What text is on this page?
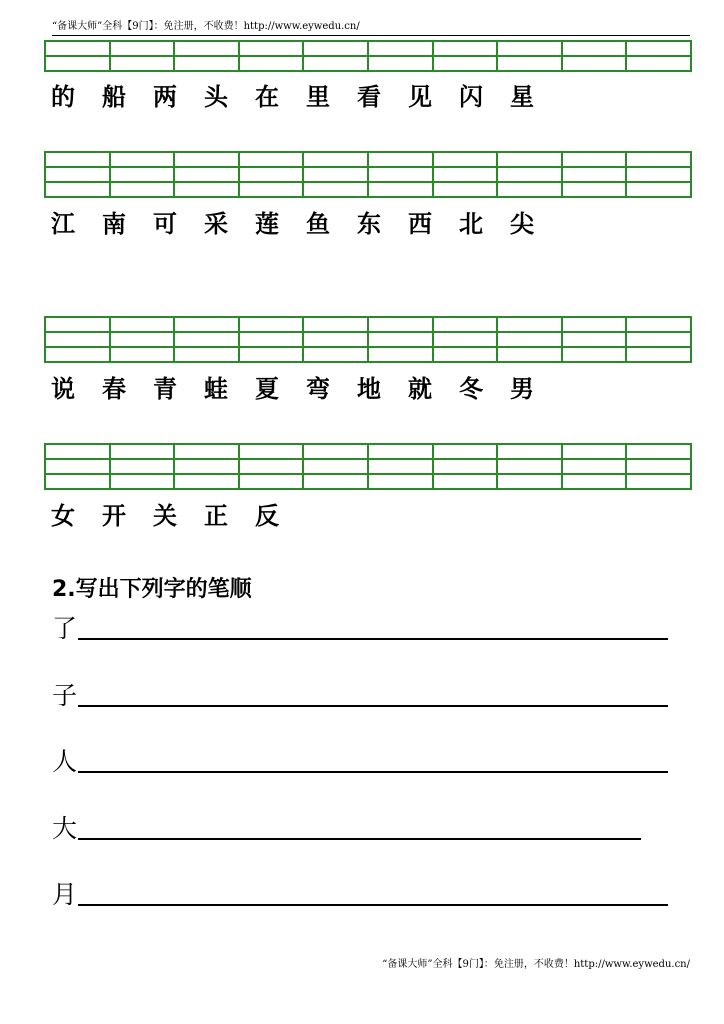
“备课大师”全科【9门】：免注册，不收费！http://www.eywedu.cn/

的	船	两	头	在	里	看	见	闪	星

江	南	可	采	莲	鱼	东	西	北	尖

说	春	青	蛙	夏	弯	地	就	冬	男

女	开	关	正	反
2.写出下列字的笔顺
了
子
人
大
月
“备课大师”全科【9门】：免注册，不收费！http://www.eywedu.cn/
